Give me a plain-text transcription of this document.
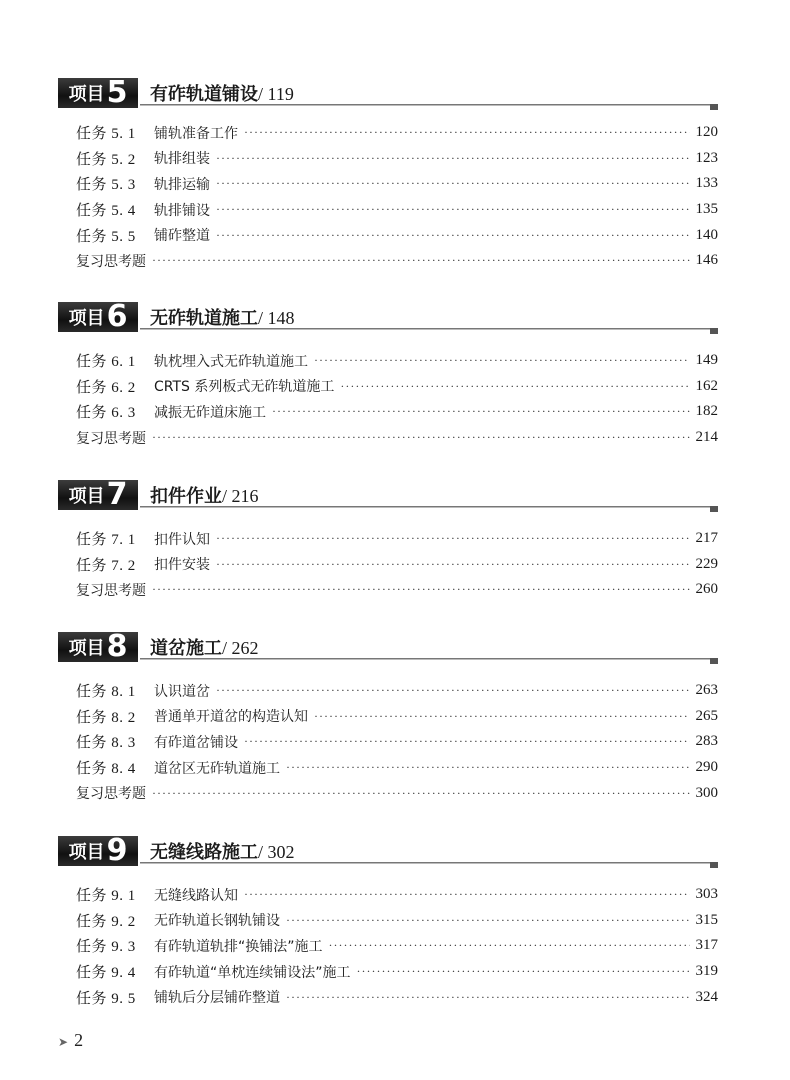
项目 5 有砟轨道铺设/ 119
任务 5. 1	铺轨准备工作 ·····	120
任务 5. 2	轨排组装 ·····	123
任务 5. 3	轨排运输 ·····	133
任务 5. 4	轨排铺设 ·····	135
任务 5. 5	铺砟整道 ·····	140
复习思考题 ·····	146
项目 6 无砟轨道施工/ 148
任务 6. 1	轨枕埋入式无砟轨道施工 ·····	149
任务 6. 2	CRTS 系列板式无砟轨道施工 ·····	162
任务 6. 3	减振无砟道床施工 ·····	182
复习思考题 ·····	214
项目 7 扣件作业/ 216
任务 7. 1	扣件认知 ·····	217
任务 7. 2	扣件安装 ·····	229
复习思考题 ·····	260
项目 8 道岔施工/ 262
任务 8. 1	认识道岔 ·····	263
任务 8. 2	普通单开道岔的构造认知 ·····	265
任务 8. 3	有砟道岔铺设 ·····	283
任务 8. 4	道岔区无砟轨道施工 ·····	290
复习思考题 ·····	300
项目 9 无缝线路施工/ 302
任务 9. 1	无缝线路认知 ·····	303
任务 9. 2	无砟轨道长钢轨铺设 ·····	315
任务 9. 3	有砟轨道轨排“换铺法”施工 ·····	317
任务 9. 4	有砟轨道“单枕连续铺设法”施工 ·····	319
任务 9. 5	铺轨后分层铺砟整道 ·····	324
➤ 2
